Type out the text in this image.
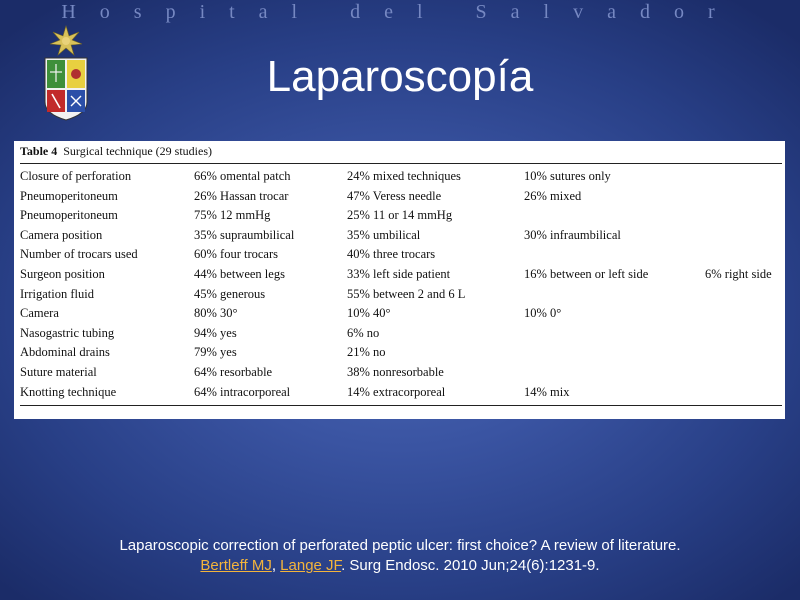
Hospital del Salvador
Laparoscopía
Table 4 Surgical technique (29 studies)
Closure of perforation	66% omental patch	24% mixed techniques	10% sutures only
Pneumoperitoneum	26% Hassan trocar	47% Veress needle	26% mixed
Pneumoperitoneum	75% 12 mmHg	25% 11 or 14 mmHg
Camera position	35% supraumbilical	35% umbilical	30% infraumbilical
Number of trocars used	60% four trocars	40% three trocars
Surgeon position	44% between legs	33% left side patient	16% between or left side	6% right side
Irrigation fluid	45% generous	55% between 2 and 6 L
Camera	80% 30°	10% 40°	10% 0°
Nasogastric tubing	94% yes	6% no
Abdominal drains	79% yes	21% no
Suture material	64% resorbable	38% nonresorbable
Knotting technique	64% intracorporeal	14% extracorporeal	14% mix
Laparoscopic correction of perforated peptic ulcer: first choice? A review of literature.
Bertleff MJ, Lange JF. Surg Endosc. 2010 Jun;24(6):1231-9.
